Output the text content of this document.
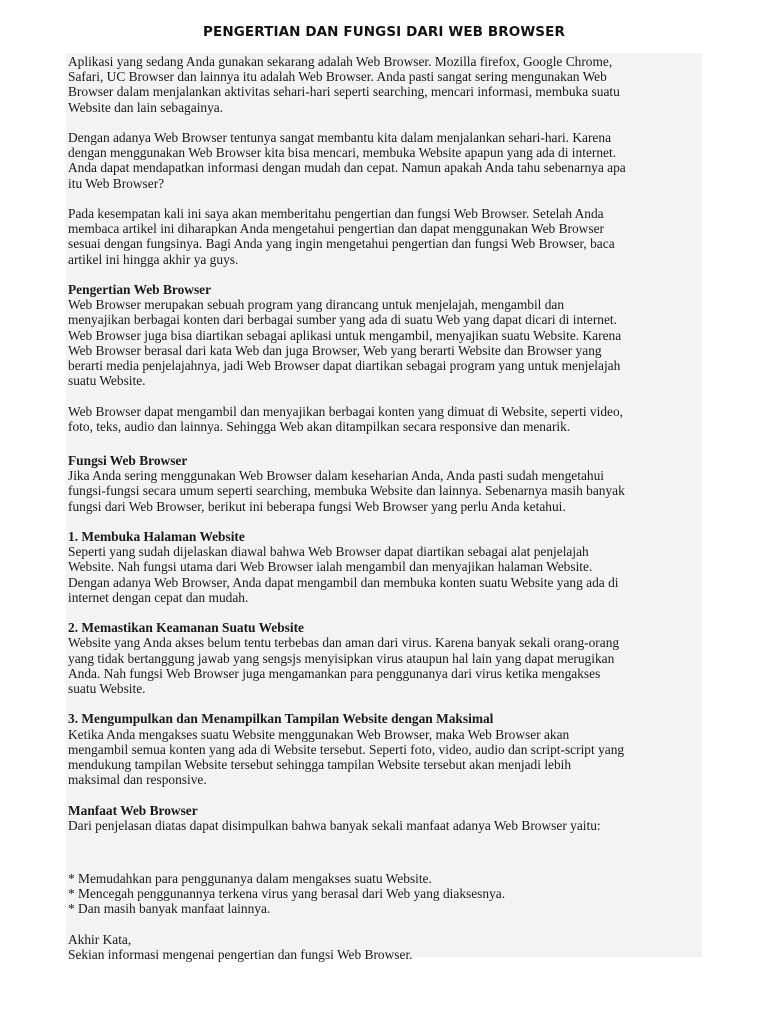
PENGERTIAN DAN FUNGSI DARI WEB BROWSER

Aplikasi yang sedang Anda gunakan sekarang adalah Web Browser. Mozilla firefox, Google Chrome,
Safari, UC Browser dan lainnya itu adalah Web Browser. Anda pasti sangat sering mengunakan Web
Browser dalam menjalankan aktivitas sehari-hari seperti searching, mencari informasi, membuka suatu
Website dan lain sebagainya.

Dengan adanya Web Browser tentunya sangat membantu kita dalam menjalankan sehari-hari. Karena
dengan menggunakan Web Browser kita bisa mencari, membuka Website apapun yang ada di internet.
Anda dapat mendapatkan informasi dengan mudah dan cepat. Namun apakah Anda tahu sebenarnya apa
itu Web Browser?

Pada kesempatan kali ini saya akan memberitahu pengertian dan fungsi Web Browser. Setelah Anda
membaca artikel ini diharapkan Anda mengetahui pengertian dan dapat menggunakan Web Browser
sesuai dengan fungsinya. Bagi Anda yang ingin mengetahui pengertian dan fungsi Web Browser, baca
artikel ini hingga akhir ya guys.

Pengertian Web Browser

Web Browser merupakan sebuah program yang dirancang untuk menjelajah, mengambil dan
menyajikan berbagai konten dari berbagai sumber yang ada di suatu Web yang dapat dicari di internet.
Web Browser juga bisa diartikan sebagai aplikasi untuk mengambil, menyajikan suatu Website. Karena
Web Browser berasal dari kata Web dan juga Browser, Web yang berarti Website dan Browser yang
berarti media penjelajahnya, jadi Web Browser dapat diartikan sebagai program yang untuk menjelajah
suatu Website.

Web Browser dapat mengambil dan menyajikan berbagai konten yang dimuat di Website, seperti video,
foto, teks, audio dan lainnya. Sehingga Web akan ditampilkan secara responsive dan menarik.

Fungsi Web Browser

Jika Anda sering menggunakan Web Browser dalam keseharian Anda, Anda pasti sudah mengetahui
fungsi-fungsi secara umum seperti searching, membuka Website dan lainnya. Sebenarnya masih banyak
fungsi dari Web Browser, berikut ini beberapa fungsi Web Browser yang perlu Anda ketahui.

1. Membuka Halaman Website

Seperti yang sudah dijelaskan diawal bahwa Web Browser dapat diartikan sebagai alat penjelajah
Website. Nah fungsi utama dari Web Browser ialah mengambil dan menyajikan halaman Website.
Dengan adanya Web Browser, Anda dapat mengambil dan membuka konten suatu Website yang ada di
internet dengan cepat dan mudah.

2. Memastikan Keamanan Suatu Website

Website yang Anda akses belum tentu terbebas dan aman dari virus. Karena banyak sekali orang-orang
yang tidak bertanggung jawab yang sengsjs menyisipkan virus ataupun hal lain yang dapat merugikan
Anda. Nah fungsi Web Browser juga mengamankan para penggunanya dari virus ketika mengakses
suatu Website.

3. Mengumpulkan dan Menampilkan Tampilan Website dengan Maksimal

Ketika Anda mengakses suatu Website menggunakan Web Browser, maka Web Browser akan
mengambil semua konten yang ada di Website tersebut. Seperti foto, video, audio dan script-script yang
mendukung tampilan Website tersebut sehingga tampilan Website tersebut akan menjadi lebih
maksimal dan responsive.

Manfaat Web Browser

Dari penjelasan diatas dapat disimpulkan bahwa banyak sekali manfaat adanya Web Browser yaitu:

* Memudahkan para penggunanya dalam mengakses suatu Website.

* Mencegah penggunannya terkena virus yang berasal dari Web yang diaksesnya.

* Dan masih banyak manfaat lainnya.

Akhir Kata,

Sekian informasi mengenai pengertian dan fungsi Web Browser.
